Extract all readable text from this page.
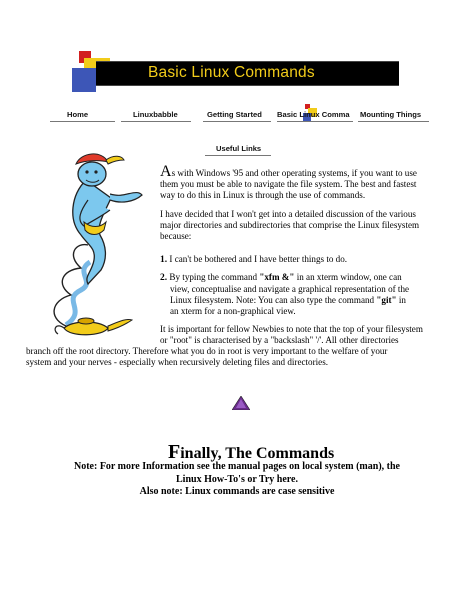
Basic Linux Commands
Home	Linuxbabble	Getting Started	Basic Linux Comma	Mounting Things
Useful Links
As with Windows '95 and other operating systems, if you want to use
them you must be able to navigate the file system. The best and fastest
way to do this in Linux is through the use of commands.
I have decided that I won't get into a detailed discussion of the various
major directories and subdirectories that comprise the Linux filesystem
because:
1. I can't be bothered and I have better things to do.
2. By typing the command "xfm &" in an xterm window, one can
view, conceptualise and navigate a graphical representation of the
Linux filesystem. Note: You can also type the command "git" in
an xterm for a non-graphical view.
It is important for fellow Newbies to note that the top of your filesystem
or "root" is characterised by a "backslash" '/'. All other directories
branch off the root directory. Therefore what you do in root is very important to the welfare of your
system and your nerves - especially when recursively deleting files and directories.
Finally, The Commands
Note: For more Information see the manual pages on local system (man), the
Linux How-To's or Try here.
Also note: Linux commands are case sensitive
